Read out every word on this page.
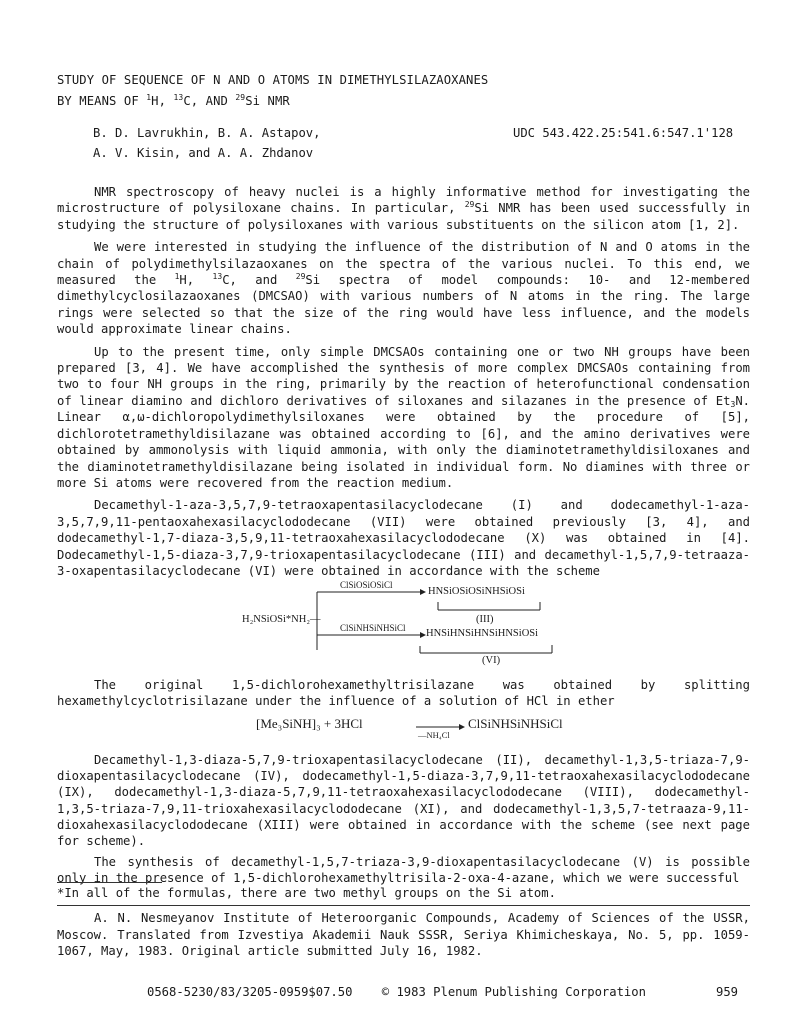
STUDY OF SEQUENCE OF N AND O ATOMS IN DIMETHYLSILAZAOXANES
BY MEANS OF $^1$H, $^{13}$C, AND $^{29}$Si NMR
B. D. Lavrukhin, B. A. Astapov,
A. V. Kisin, and A. A. Zhdanov
UDC 543.422.25:541.6:547.1'128

NMR spectroscopy of heavy nuclei is a highly informative method for investigating the microstructure of polysiloxane chains. In particular, $^{29}$Si NMR has been used successfully in studying the structure of polysiloxanes with various substituents on the silicon atom [1, 2].

We were interested in studying the influence of the distribution of N and O atoms in the chain of polydimethylsilazaoxanes on the spectra of the various nuclei. To this end, we measured the $^1$H, $^{13}$C, and $^{29}$Si spectra of model compounds: 10- and 12-membered dimethylcyclosilazaoxanes (DMCSAO) with various numbers of N atoms in the ring. The large rings were selected so that the size of the ring would have less influence, and the models would approximate linear chains.

Up to the present time, only simple DMCSAOs containing one or two NH groups have been prepared [3, 4]. We have accomplished the synthesis of more complex DMCSAOs containing from two to four NH groups in the ring, primarily by the reaction of heterofunctional condensation of linear diamino and dichloro derivatives of siloxanes and silazanes in the presence of $Et_3N$. Linear α,ω-dichloropolydimethylsiloxanes were obtained by the procedure of [5], dichlorotetramethyldisilazane was obtained according to [6], and the amino derivatives were obtained by ammonolysis with liquid ammonia, with only the diaminotetramethyldisiloxanes and the diaminotetramethyldisilazane being isolated in individual form. No diamines with three or more Si atoms were recovered from the reaction medium.

Decamethyl-1-aza-3,5,7,9-tetraoxapentasilacyclodecane (I) and dodecamethyl-1-aza-3,5,7,9,11-pentaoxahexasilacyclododecane (VII) were obtained previously [3, 4], and dodecamethyl-1,7-diaza-3,5,9,11-tetraoxahexasilacyclododecane (X) was obtained in [4]. Dodecamethyl-1,5-diaza-3,7,9-trioxapentasilacyclodecane (III) and decamethyl-1,5,7,9-tetraaza-3-oxapentasilacyclodecane (VI) were obtained in accordance with the scheme

H₂NSiOSi*NH₂—
ClSiOSiOSiCl
HNSiOSiOSiNHSiOSi
(III)
ClSiNHSiNHSiCl HNSiHNSiHNSiHNSiOSi
(VI)

The original 1,5-dichlorohexamethyltrisilazane was obtained by splitting hexamethylcyclotrisilazane under the influence of a solution of HCl in ether

[Me₃SiNH]₃ + 3HCl
—NH₄Cl
ClSiNHSiNHSiCl

Decamethyl-1,3-diaza-5,7,9-trioxapentasilacyclodecane (II), decamethyl-1,3,5-triaza-7,9-dioxapentasilacyclodecane (IV), dodecamethyl-1,5-diaza-3,7,9,11-tetraoxahexasilacyclododecane (IX), dodecamethyl-1,3-diaza-5,7,9,11-tetraoxahexasilacyclododecane (VIII), dodecamethyl-1,3,5-triaza-7,9,11-trioxahexasilacyclododecane (XI), and dodecamethyl-1,3,5,7-tetraaza-9,11-dioxahexasilacyclododecane (XIII) were obtained in accordance with the scheme (see next page for scheme).

The synthesis of decamethyl-1,5,7-triaza-3,9-dioxapentasilacyclodecane (V) is possible only in the presence of 1,5-dichlorohexamethyltrisila-2-oxa-4-azane, which we were successful

*In all of the formulas, there are two methyl groups on the Si atom.
A. N. Nesmeyanov Institute of Heteroorganic Compounds, Academy of Sciences of the USSR, Moscow. Translated from Izvestiya Akademii Nauk SSSR, Seriya Khimicheskaya, No. 5, pp. 1059-1067, May, 1983. Original article submitted July 16, 1982.
0568-5230/83/3205-0959$07.50 © 1983 Plenum Publishing Corporation	959
